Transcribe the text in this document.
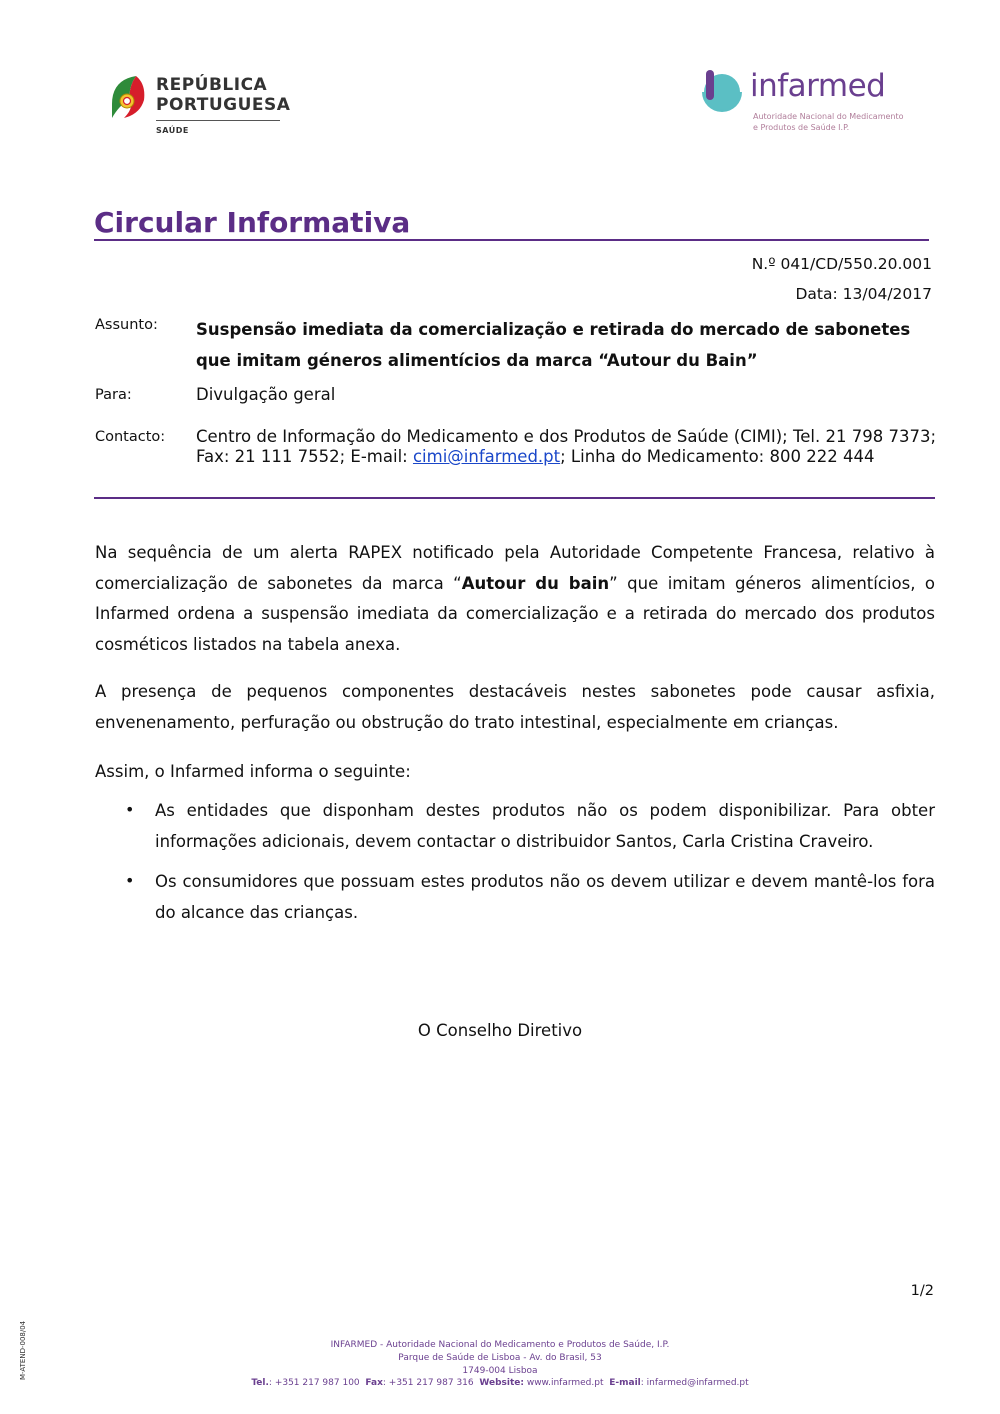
REPÚBLICA
PORTUGUESA
SAÚDE
infarmed
Autoridade Nacional do Medicamento
e Produtos de Saúde I.P.
Circular Informativa
N.º 041/CD/550.20.001
Data: 13/04/2017
Assunto: Suspensão imediata da comercialização e retirada do mercado de sabonetes que imitam géneros alimentícios da marca “Autour du Bain”
Para:	Divulgação geral
Contacto: Centro de Informação do Medicamento e dos Produtos de Saúde (CIMI); Tel. 21 798 7373; Fax: 21 111 7552; E-mail: cimi@infarmed.pt; Linha do Medicamento: 800 222 444
Na sequência de um alerta RAPEX notificado pela Autoridade Competente Francesa, relativo à comercialização de sabonetes da marca “Autour du bain” que imitam géneros alimentícios, o Infarmed ordena a suspensão imediata da comercialização e a retirada do mercado dos produtos cosméticos listados na tabela anexa.
A presença de pequenos componentes destacáveis nestes sabonetes pode causar asfixia, envenenamento, perfuração ou obstrução do trato intestinal, especialmente em crianças.
Assim, o Infarmed informa o seguinte:
• As entidades que disponham destes produtos não os podem disponibilizar. Para obter informações adicionais, devem contactar o distribuidor Santos, Carla Cristina Craveiro.
• Os consumidores que possuam estes produtos não os devem utilizar e devem mantê-los fora do alcance das crianças.
O Conselho Diretivo
1/2
M-ATEND-008/04	INFARMED - Autoridade Nacional do Medicamento e Produtos de Saúde, I.P.
Parque de Saúde de Lisboa - Av. do Brasil, 53
1749-004 Lisboa
Tel.: +351 217 987 100 Fax: +351 217 987 316 Website: www.infarmed.pt E-mail: infarmed@infarmed.pt
